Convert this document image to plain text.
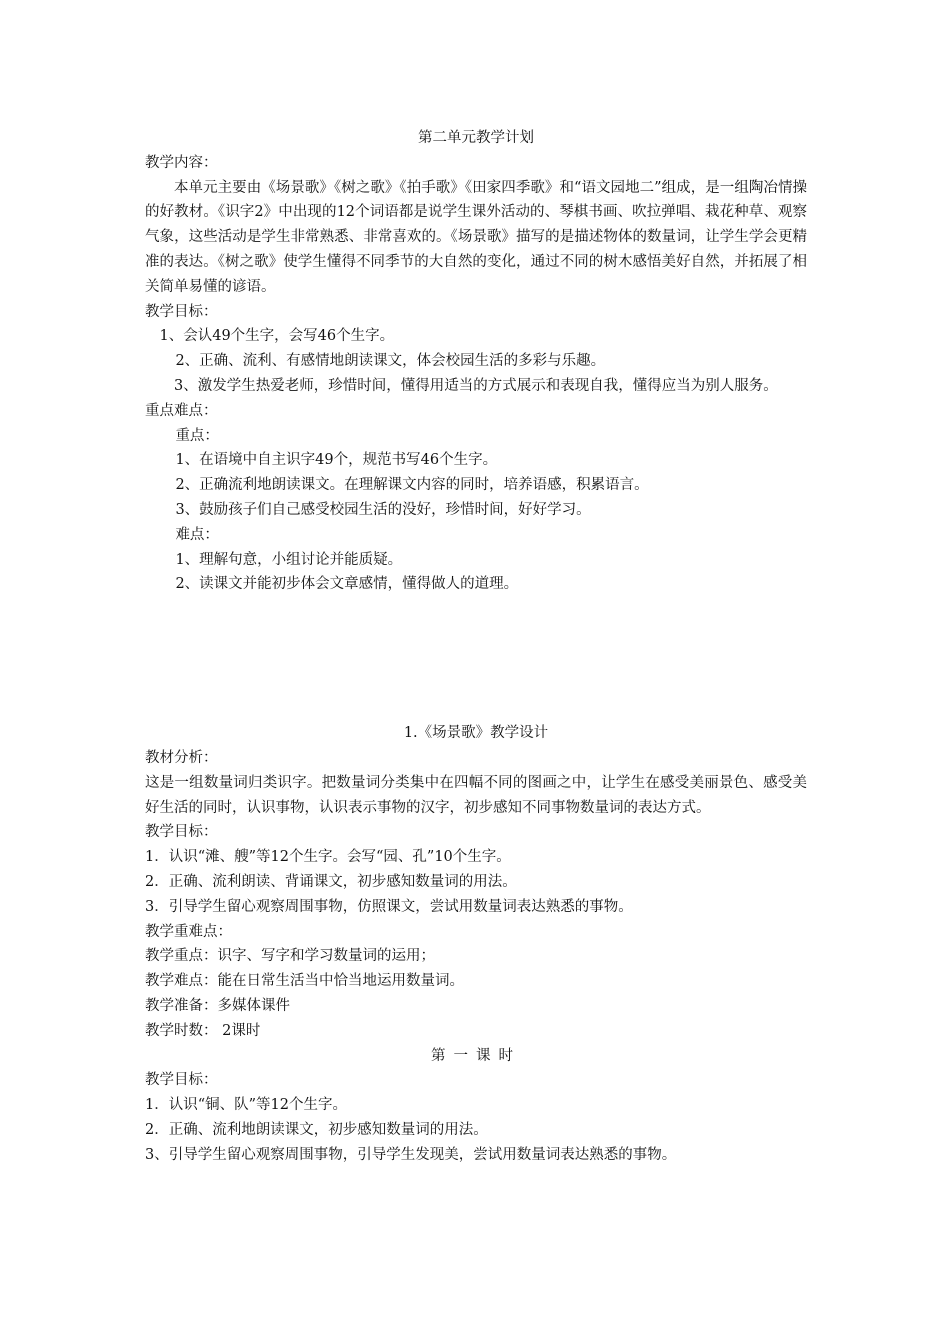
第二单元教学计划

教学内容：

本单元主要由《场景歌》《树之歌》《拍手歌》《田家四季歌》和“语文园地二”组成，是一组陶冶情操的好教材。《识字2》中出现的12个词语都是说学生课外活动的、琴棋书画、吹拉弹唱、栽花种草、观察气象，这些活动是学生非常熟悉、非常喜欢的。《场景歌》描写的是描述物体的数量词，让学生学会更精准的表达。《树之歌》使学生懂得不同季节的大自然的变化，通过不同的树木感悟美好自然，并拓展了相关简单易懂的谚语。

教学目标：

1、会认49个生字，会写46个生字。

2、正确、流利、有感情地朗读课文，体会校园生活的多彩与乐趣。

3、激发学生热爱老师，珍惜时间，懂得用适当的方式展示和表现自我，懂得应当为别人服务。

重点难点：

重点：

1、在语境中自主识字49个，规范书写46个生字。

2、正确流利地朗读课文。在理解课文内容的同时，培养语感，积累语言。

3、鼓励孩子们自己感受校园生活的没好，珍惜时间，好好学习。

难点：

1、理解句意，小组讨论并能质疑。

2、读课文并能初步体会文章感情，懂得做人的道理。

1.《场景歌》教学设计

教材分析：

这是一组数量词归类识字。把数量词分类集中在四幅不同的图画之中，让学生在感受美丽景色、感受美好生活的同时，认识事物，认识表示事物的汉字，初步感知不同事物数量词的表达方式。

教学目标：

1．认识“滩、艘”等12个生字。会写“园、孔”10个生字。

2．正确、流利朗读、背诵课文，初步感知数量词的用法。

3．引导学生留心观察周围事物，仿照课文，尝试用数量词表达熟悉的事物。

教学重难点：

教学重点：识字、写字和学习数量词的运用；

教学难点：能在日常生活当中恰当地运用数量词。

教学准备：多媒体课件

教学时数： 2课时

第一课时

教学目标：

1．认识“铜、队”等12个生字。

2．正确、流利地朗读课文，初步感知数量词的用法。

3、引导学生留心观察周围事物，引导学生发现美，尝试用数量词表达熟悉的事物。
